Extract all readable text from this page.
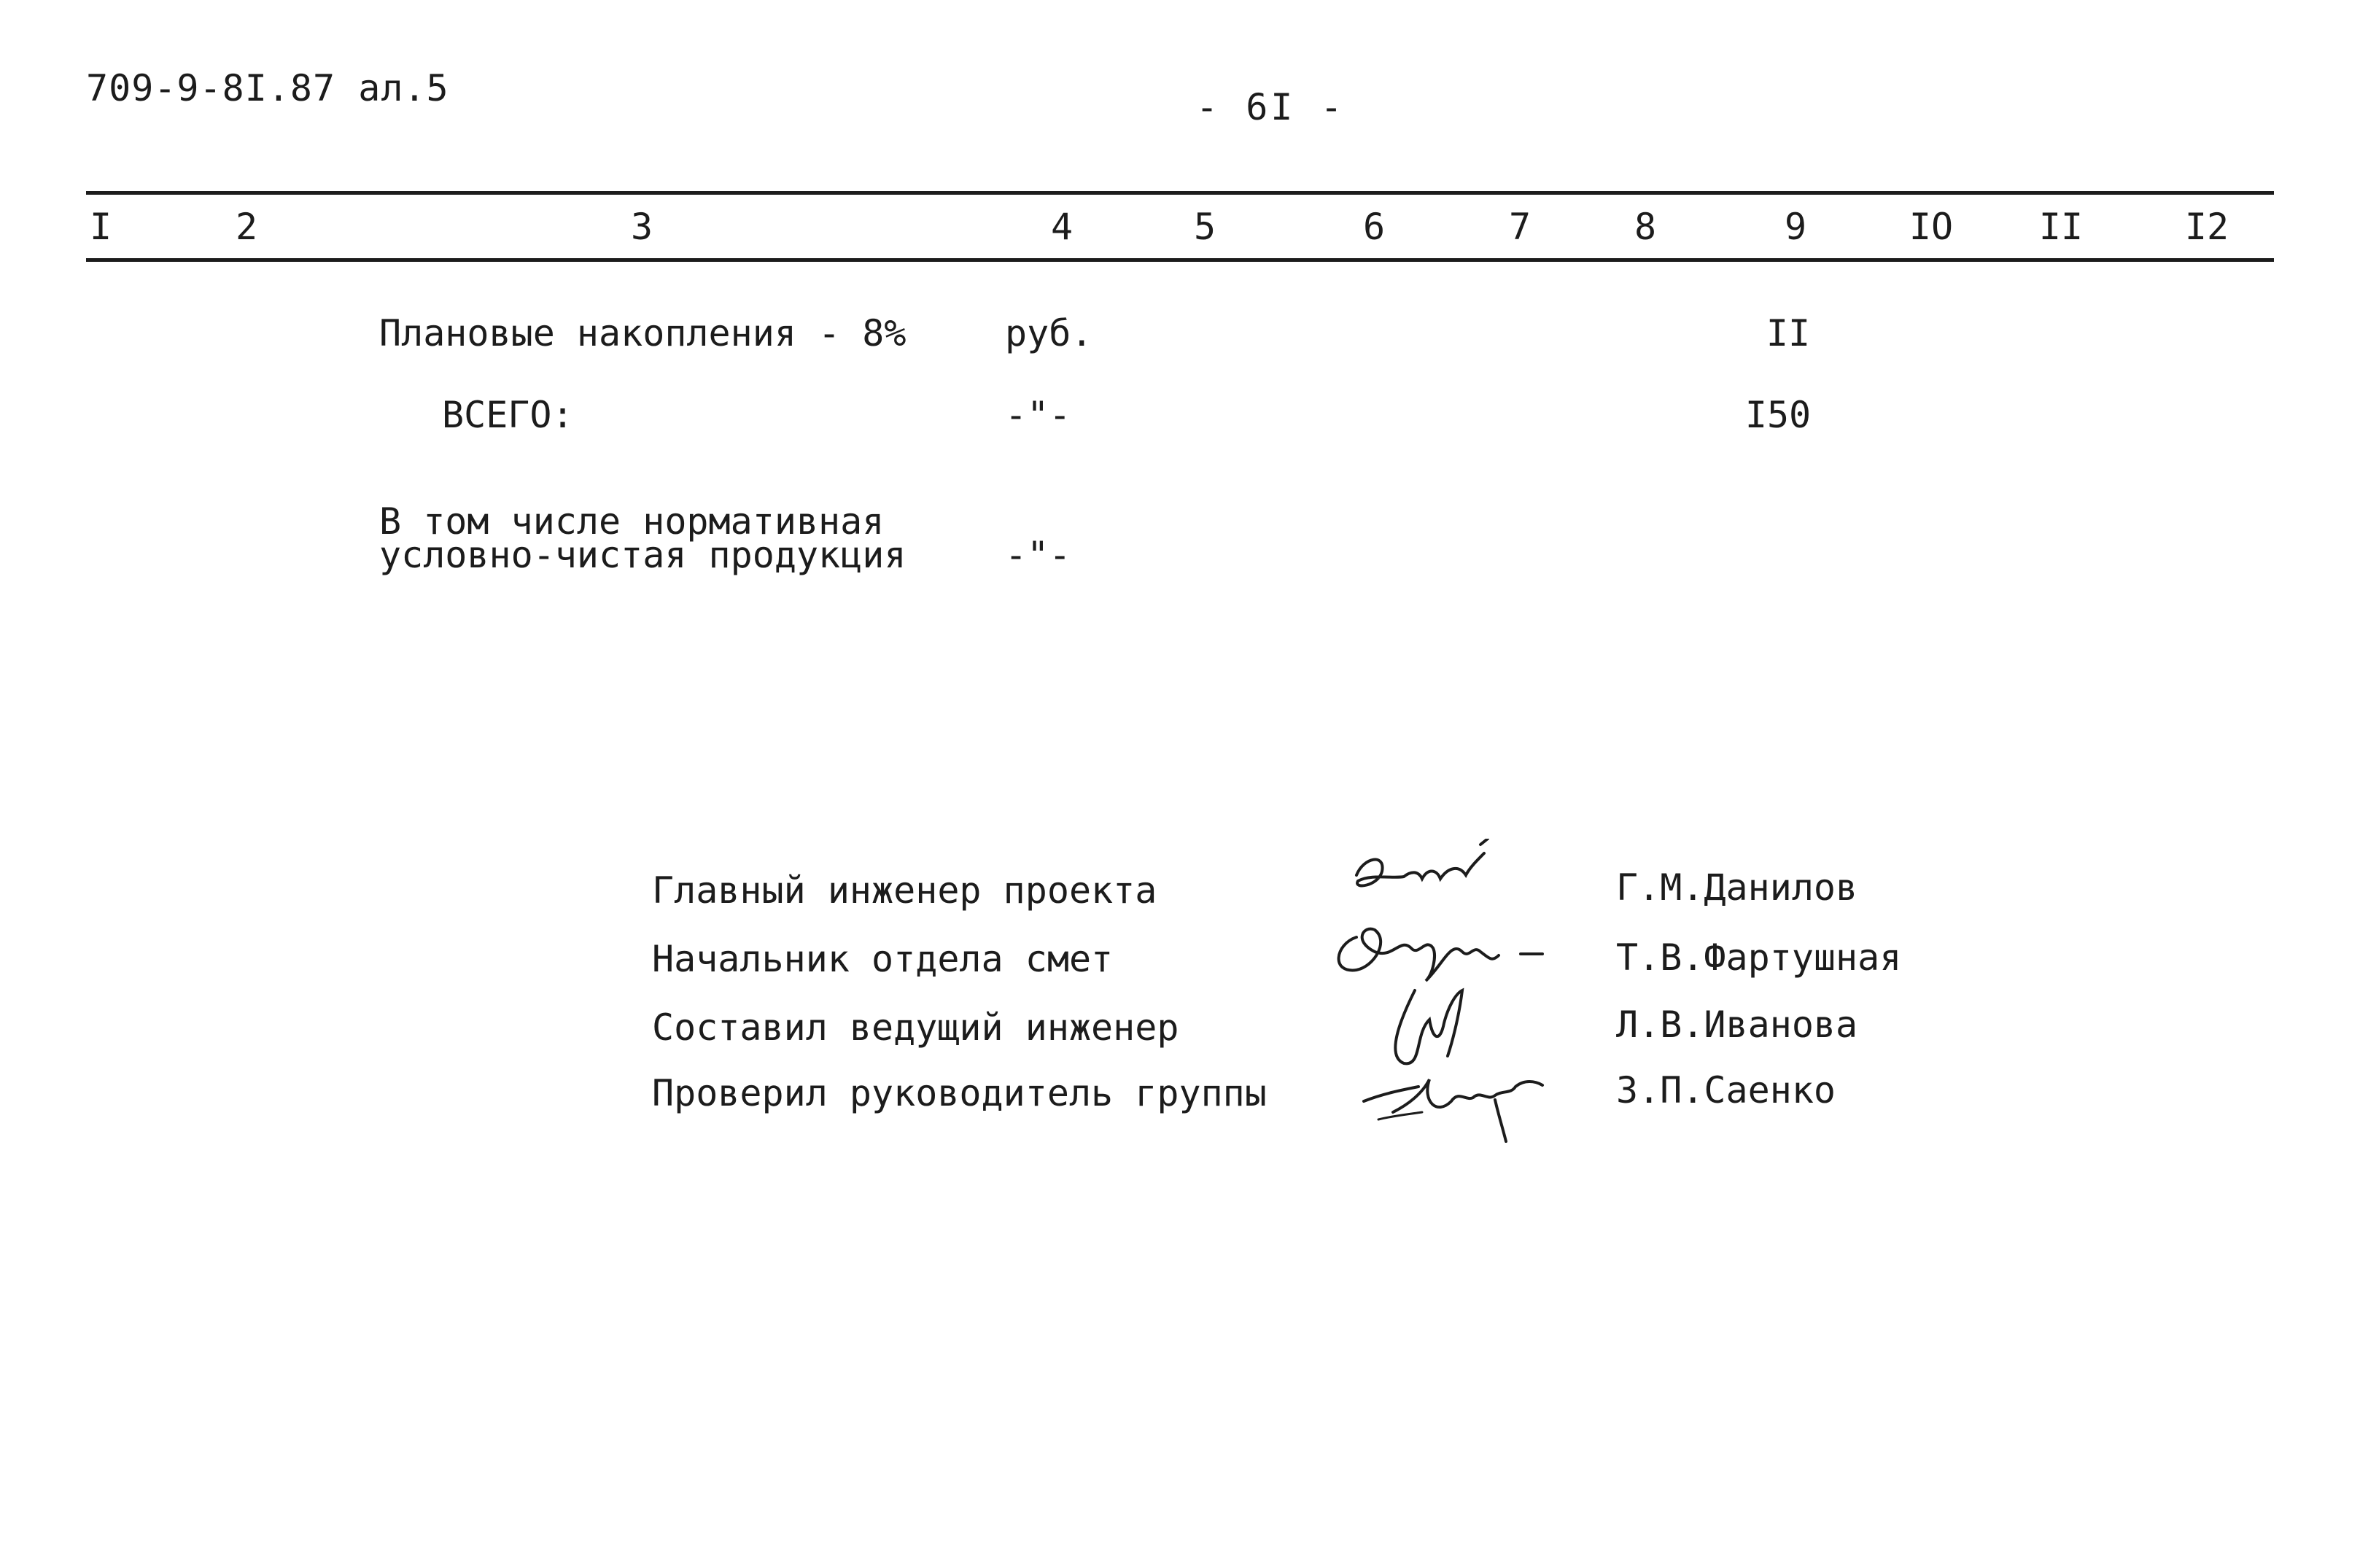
709-9-8I.87 ал.5	- 6I -
I	2	3	4	5	6	7	8	9	IO II	I2
Плановые накопления - 8%	руб.	II
ВСЕГО:	-"-	I50
В том числе нормативная
условно-чистая продукция	-"-
Главный инженер проекта	Г.М.Данилов
Начальник отдела смет	Т.В.Фартушная
Составил ведущий инженер	Л.В.Иванова
Проверил руководитель группы	З.П.Саенко
